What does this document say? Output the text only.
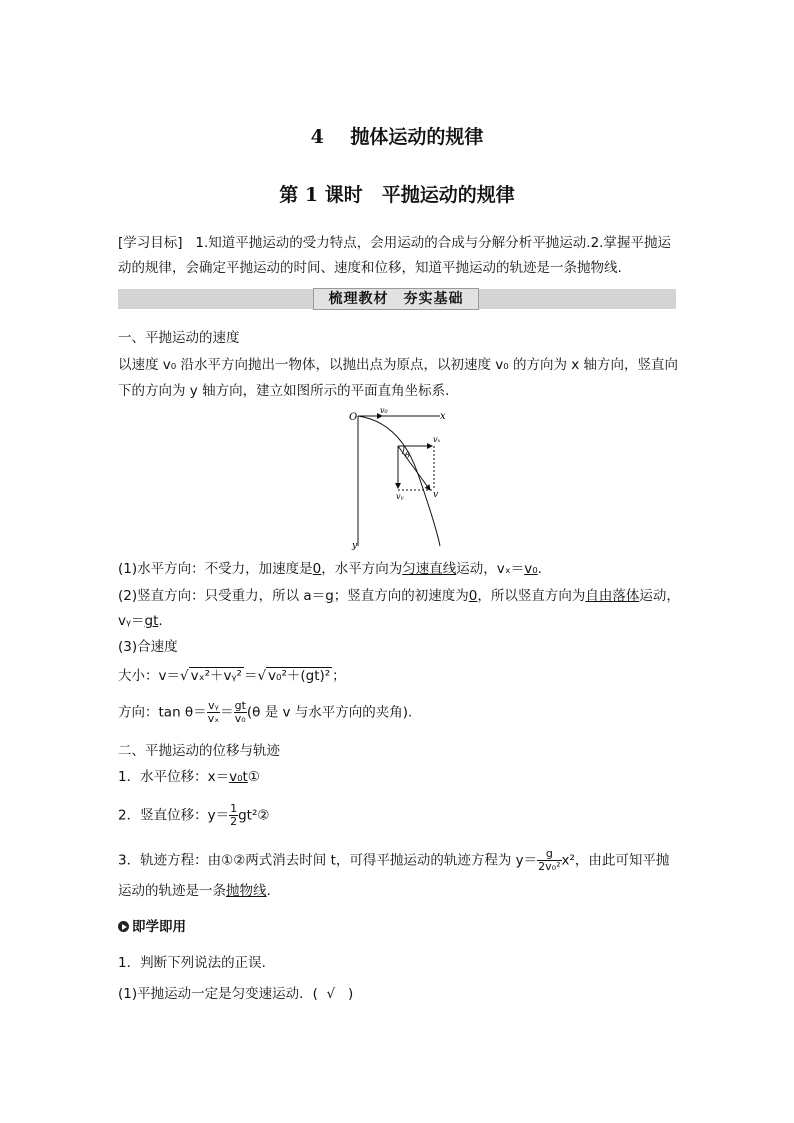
4 抛体运动的规律
第 1 课时　平抛运动的规律
[学习目标] 1.知道平抛运动的受力特点，会用运动的合成与分解分析平抛运动.2.掌握平抛运
动的规律，会确定平抛运动的时间、速度和位移，知道平抛运动的轨迹是一条抛物线.
梳理教材　夯实基础
一、平抛运动的速度
以速度 v₀ 沿水平方向抛出一物体，以抛出点为原点，以初速度 v₀ 的方向为 x 轴方向，竖直向
下的方向为 y 轴方向，建立如图所示的平面直角坐标系.
O	x
y
v₀
vₓ
vᵧ	v
θ
(1)水平方向：不受力，加速度是0，水平方向为匀速直线运动，vₓ＝v₀.
(2)竖直方向：只受重力，所以 a＝g；竖直方向的初速度为0，所以竖直方向为自由落体运动，
vᵧ＝gt.
(3)合速度
大小：v＝√ vₓ²＋vᵧ² ＝√ v₀²＋(gt)² ；
方向：$\tan \theta= \frac{\text{vᵧ}}{\text{vₓ}} = \frac{gt}{\text{v₀}} (\theta$ 是 v 与水平方向的夹角).
二、平抛运动的位移与轨迹
1．水平位移：x＝v₀t①
2．竖直位移：$y= \frac{1}{2}$ gt²②
3．轨迹方程：由①②两式消去时间 t，可得平抛运动的轨迹方程为 $y= \frac{g}{\text{2v₀²}} x^2$，由此可知平抛
运动的轨迹是一条抛物线.
即学即用
1．判断下列说法的正误．
(1)平抛运动一定是匀变速运动．( √ )
